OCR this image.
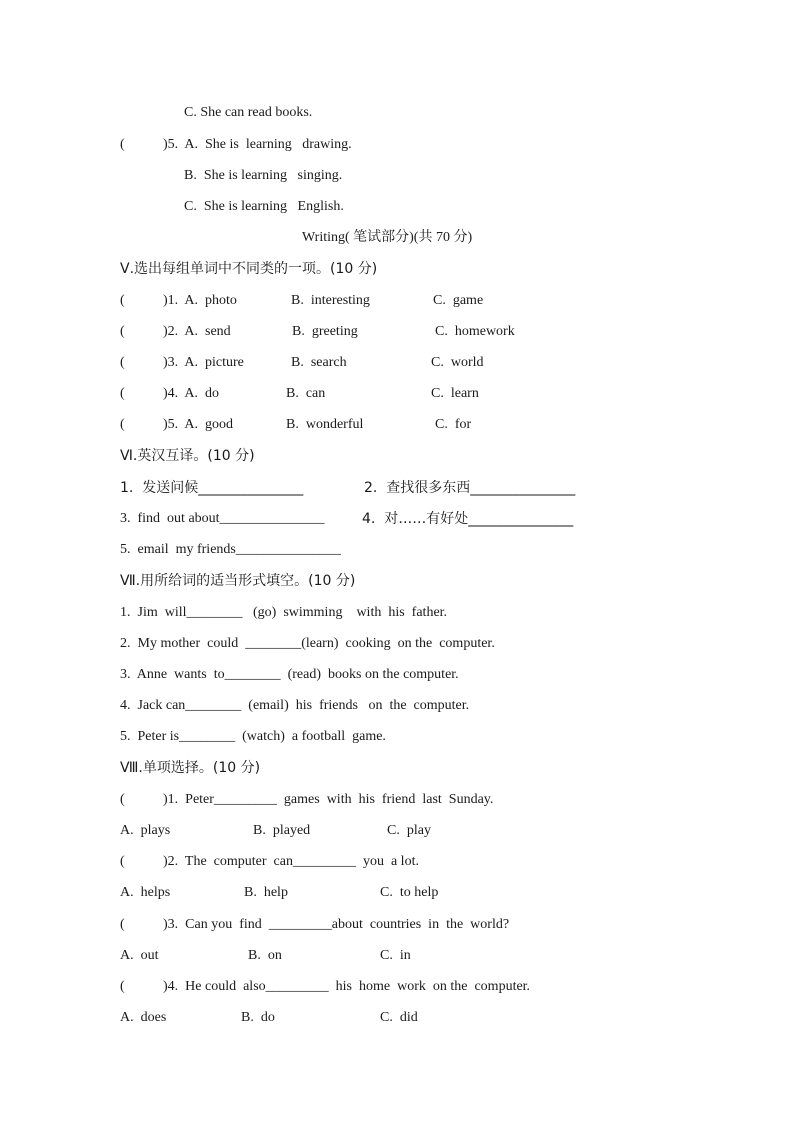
C. She can read books.
(	)5.  A.  She is  learning   drawing.
B.  She is learning   singing.
C.  She is learning   English.
Writing( 笔试部分)(共 70 分)
Ⅴ.选出每组单词中不同类的一项。(10 分)
(	)1.  A.  photo	B.  interesting	C.  game
(	)2.  A.  send	B.  greeting	C.  homework
(	)3.  A.  picture	B.  search	C.  world
(	)4.  A.  do	B.  can	C.  learn
(	)5.  A.  good	B.  wonderful	C.  for
Ⅵ.英汉互译。(10 分)
1.  发送问候_______________	2.  查找很多东西_______________
3.  find  out about_______________	4.  对……有好处_______________
5.  email  my friends_______________
Ⅶ.用所给词的适当形式填空。(10 分)
1.  Jim  will________   (go)  swimming    with  his  father.
2.  My mother  could  ________(learn)  cooking  on the  computer.
3.  Anne  wants  to________  (read)  books on the computer.
4.  Jack can________  (email)  his  friends   on  the  computer.
5.  Peter is________  (watch)  a football  game.
Ⅷ.单项选择。(10 分)
(	)1.  Peter_________  games  with  his  friend  last  Sunday.
A.  plays	B.  played	C.  play
(	)2.  The  computer  can_________  you  a lot.
A.  helps	B.  help	C.  to help
(	)3.  Can you  find  _________about  countries  in  the  world?
A.  out	B.  on	C.  in
(	)4.  He could  also_________  his  home  work  on the  computer.
A.  does	B.  do	C.  did
